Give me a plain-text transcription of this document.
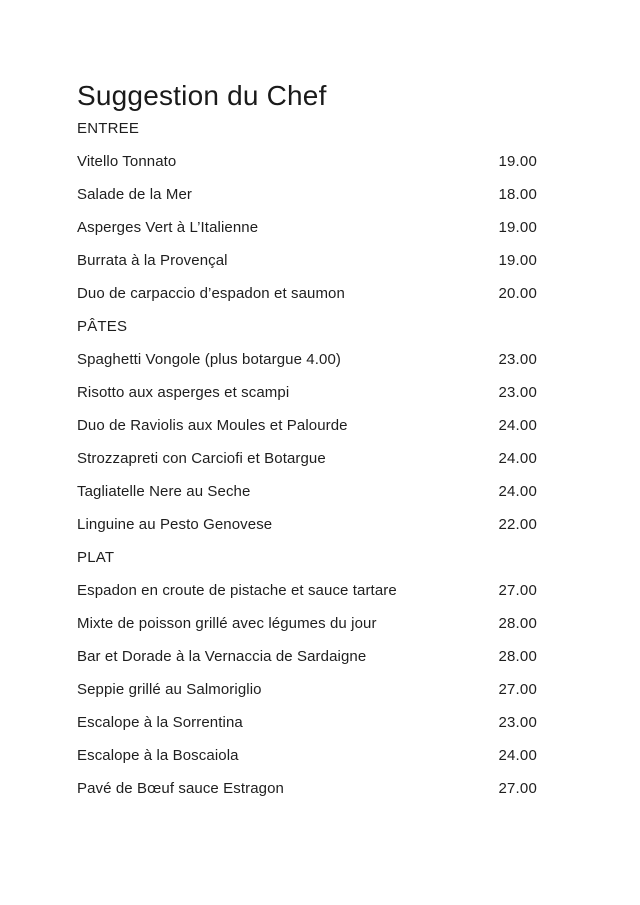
Suggestion du Chef
ENTREE
Vitello Tonnato	19.00
Salade de la Mer	18.00
Asperges Vert à L’Italienne	19.00
Burrata à la Provençal	19.00
Duo de carpaccio d’espadon et saumon	20.00
PÂTES
Spaghetti Vongole (plus botargue 4.00)	23.00
Risotto aux asperges et scampi	23.00
Duo de Raviolis aux Moules et Palourde	24.00
Strozzapreti con Carciofi et Botargue	24.00
Tagliatelle Nere au Seche	24.00
Linguine au Pesto Genovese	22.00
PLAT
Espadon en croute de pistache et sauce tartare	27.00
Mixte de poisson grillé avec légumes du jour	28.00
Bar et Dorade à la Vernaccia de Sardaigne	28.00
Seppie grillé au Salmoriglio	27.00
Escalope à la Sorrentina	23.00
Escalope à la Boscaiola	24.00
Pavé de Bœuf sauce Estragon	27.00
